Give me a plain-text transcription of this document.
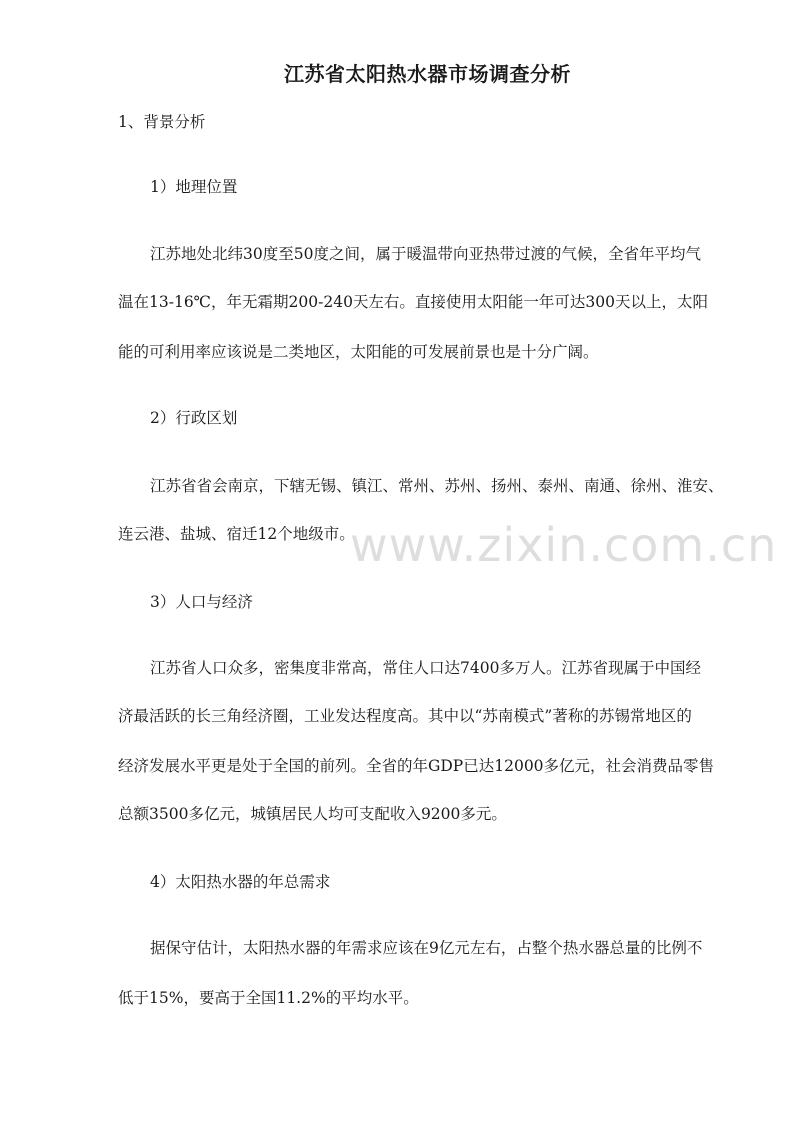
江苏省太阳热水器市场调查分析
1、背景分析
1）地理位置
江苏地处北纬30度至50度之间，属于暖温带向亚热带过渡的气候，全省年平均气
温在13-16℃，年无霜期200-240天左右。直接使用太阳能一年可达300天以上，太阳
能的可利用率应该说是二类地区，太阳能的可发展前景也是十分广阔。
2）行政区划
江苏省省会南京，下辖无锡、镇江、常州、苏州、扬州、泰州、南通、徐州、淮安、
连云港、盐城、宿迁12个地级市。
3）人口与经济
江苏省人口众多，密集度非常高，常住人口达7400多万人。江苏省现属于中国经
济最活跃的长三角经济圈，工业发达程度高。其中以“苏南模式”著称的苏锡常地区的
经济发展水平更是处于全国的前列。全省的年GDP已达12000多亿元，社会消费品零售
总额3500多亿元，城镇居民人均可支配收入9200多元。
4）太阳热水器的年总需求
据保守估计，太阳热水器的年需求应该在9亿元左右，占整个热水器总量的比例不
低于15%，要高于全国11.2%的平均水平。
www.zixin.com.cn
